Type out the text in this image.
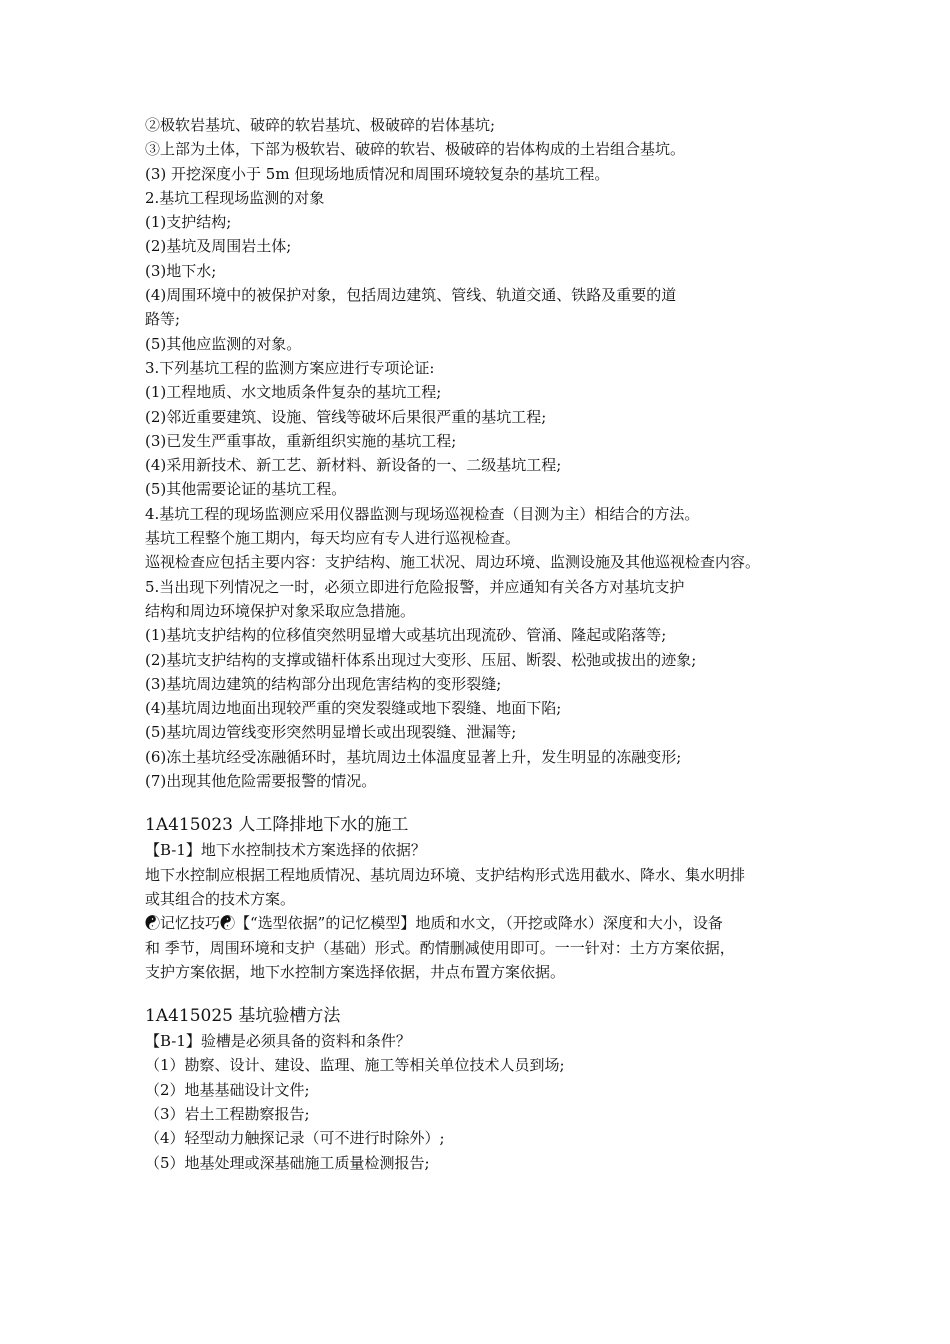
②极软岩基坑、破碎的软岩基坑、极破碎的岩体基坑;
③上部为土体，下部为极软岩、破碎的软岩、极破碎的岩体构成的土岩组合基坑。
(3) 开挖深度小于 5m 但现场地质情况和周围环境较复杂的基坑工程。
2.基坑工程现场监测的对象
(1)支护结构;
(2)基坑及周围岩土体;
(3)地下水;
(4)周围环境中的被保护对象，包括周边建筑、管线、轨道交通、铁路及重要的道
路等;
(5)其他应监测的对象。
3.下列基坑工程的监测方案应进行专项论证:
(1)工程地质、水文地质条件复杂的基坑工程;
(2)邻近重要建筑、设施、管线等破坏后果很严重的基坑工程;
(3)已发生严重事故，重新组织实施的基坑工程;
(4)采用新技术、新工艺、新材料、新设备的一、二级基坑工程;
(5)其他需要论证的基坑工程。
4.基坑工程的现场监测应采用仪器监测与现场巡视检查（目测为主）相结合的方法。
基坑工程整个施工期内，每天均应有专人进行巡视检查。
巡视检查应包括主要内容：支护结构、施工状况、周边环境、监测设施及其他巡视检查内容。
5.当出现下列情况之一时，必须立即进行危险报警，并应通知有关各方对基坑支护
结构和周边环境保护对象采取应急措施。
(1)基坑支护结构的位移值突然明显增大或基坑出现流砂、管涌、隆起或陷落等;
(2)基坑支护结构的支撑或锚杆体系出现过大变形、压屈、断裂、松弛或拔出的迹象;
(3)基坑周边建筑的结构部分出现危害结构的变形裂缝;
(4)基坑周边地面出现较严重的突发裂缝或地下裂缝、地面下陷;
(5)基坑周边管线变形突然明显增长或出现裂缝、泄漏等;
(6)冻土基坑经受冻融循环时，基坑周边土体温度显著上升，发生明显的冻融变形;
(7)出现其他危险需要报警的情况。
1A415023 人工降排地下水的施工
【B-1】地下水控制技术方案选择的依据？
地下水控制应根据工程地质情况、基坑周边环境、支护结构形式选用截水、降水、集水明排
或其组合的技术方案。
☯记忆技巧☯【“选型依据”的记忆模型】地质和水文，（开挖或降水）深度和大小，设备
和 季节，周围环境和支护（基础）形式。酌情删减使用即可。一一针对：土方方案依据，
支护方案依据，地下水控制方案选择依据，井点布置方案依据。
1A415025 基坑验槽方法
【B-1】验槽是必须具备的资料和条件？
（1）勘察、设计、建设、监理、施工等相关单位技术人员到场;
（2）地基基础设计文件;
（3）岩土工程勘察报告;
（4）轻型动力触探记录（可不进行时除外）;
（5）地基处理或深基础施工质量检测报告;
